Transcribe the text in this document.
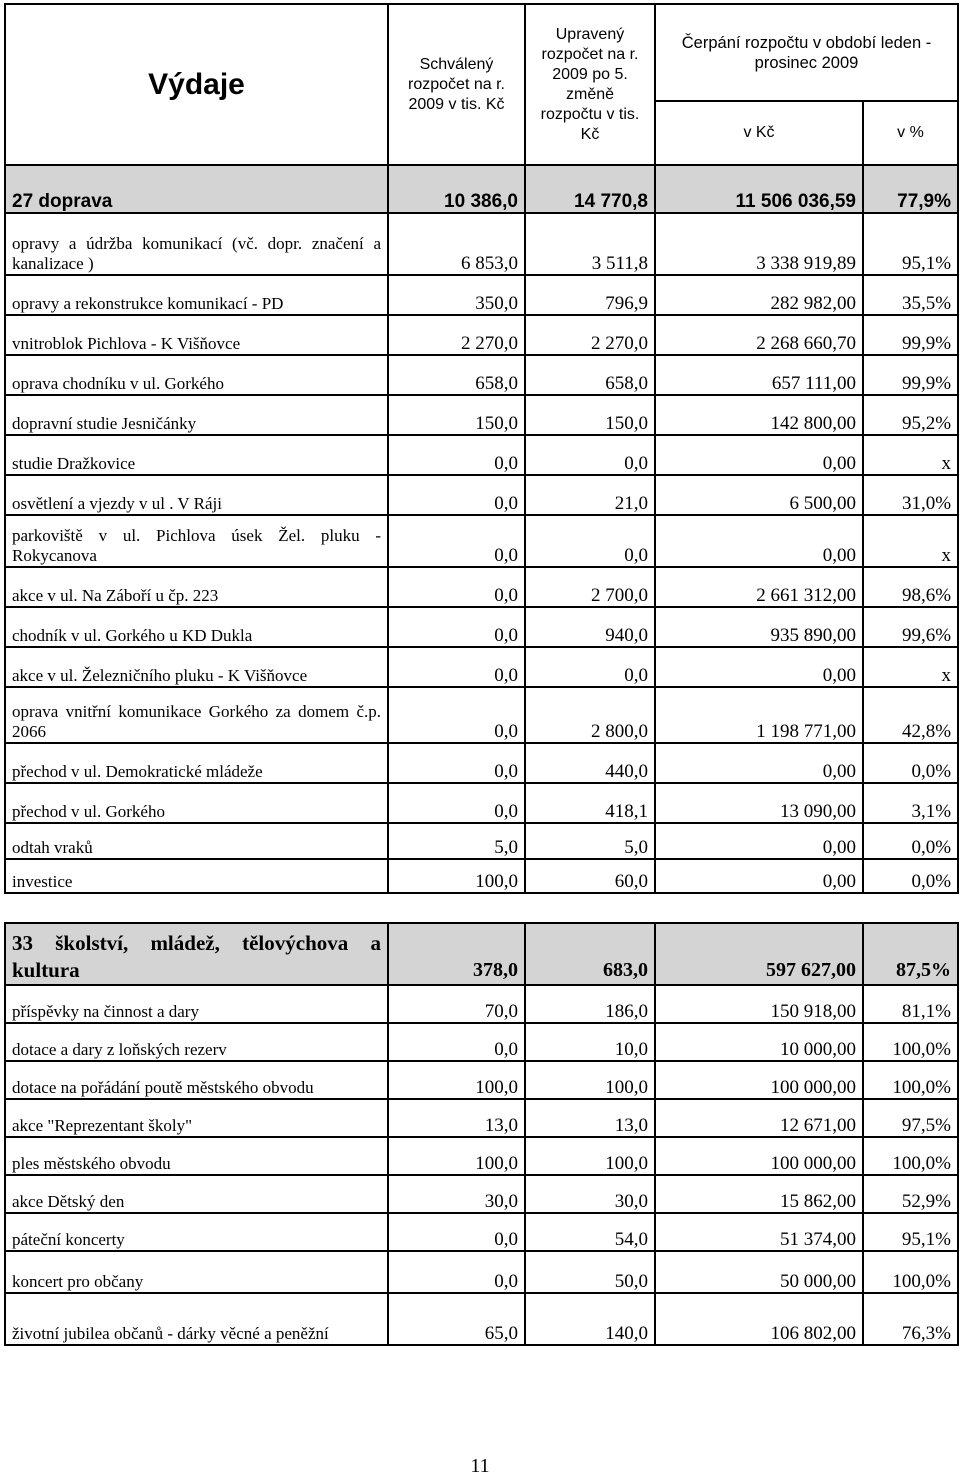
Výdaje	Schválený rozpočet na r. 2009 v tis. Kč	Upravený rozpočet na r. 2009 po 5. změně rozpočtu v tis. Kč	Čerpání rozpočtu v období leden - prosinec 2009	
			v Kč	v %
27 doprava	10 386,0	14 770,8	11 506 036,59	77,9%
opravy a údržba komunikací (vč. dopr. značení a kanalizace )	6 853,0	3 511,8	3 338 919,89	95,1%
opravy a rekonstrukce komunikací - PD	350,0	796,9	282 982,00	35,5%
vnitroblok Pichlova - K Višňovce	2 270,0	2 270,0	2 268 660,70	99,9%
oprava chodníku v ul. Gorkého	658,0	658,0	657 111,00	99,9%
dopravní studie Jesničánky	150,0	150,0	142 800,00	95,2%
studie Dražkovice	0,0	0,0	0,00	x
osvětlení a vjezdy v ul . V Ráji	0,0	21,0	6 500,00	31,0%
parkoviště v ul. Pichlova úsek Žel. pluku - Rokycanova	0,0	0,0	0,00	x
akce v ul. Na Záboří u čp. 223	0,0	2 700,0	2 661 312,00	98,6%
chodník v ul. Gorkého u KD Dukla	0,0	940,0	935 890,00	99,6%
akce v ul. Železničního pluku - K Višňovce	0,0	0,0	0,00	x
oprava vnitřní komunikace Gorkého za domem č.p. 2066	0,0	2 800,0	1 198 771,00	42,8%
přechod v ul. Demokratické mládeže	0,0	440,0	0,00	0,0%
přechod v ul. Gorkého	0,0	418,1	13 090,00	3,1%
odtah vraků	5,0	5,0	0,00	0,0%
investice	100,0	60,0	0,00	0,0%
33 školství, mládež, tělovýchova a kultura	378,0	683,0	597 627,00	87,5%
příspěvky na činnost a dary	70,0	186,0	150 918,00	81,1%
dotace a dary z loňských rezerv	0,0	10,0	10 000,00	100,0%
dotace na pořádání poutě městského obvodu	100,0	100,0	100 000,00	100,0%
akce "Reprezentant školy"	13,0	13,0	12 671,00	97,5%
ples městského obvodu	100,0	100,0	100 000,00	100,0%
akce Dětský den	30,0	30,0	15 862,00	52,9%
páteční koncerty	0,0	54,0	51 374,00	95,1%
koncert pro občany	0,0	50,0	50 000,00	100,0%
životní jubilea občanů - dárky věcné a peněžní	65,0	140,0	106 802,00	76,3%
11
